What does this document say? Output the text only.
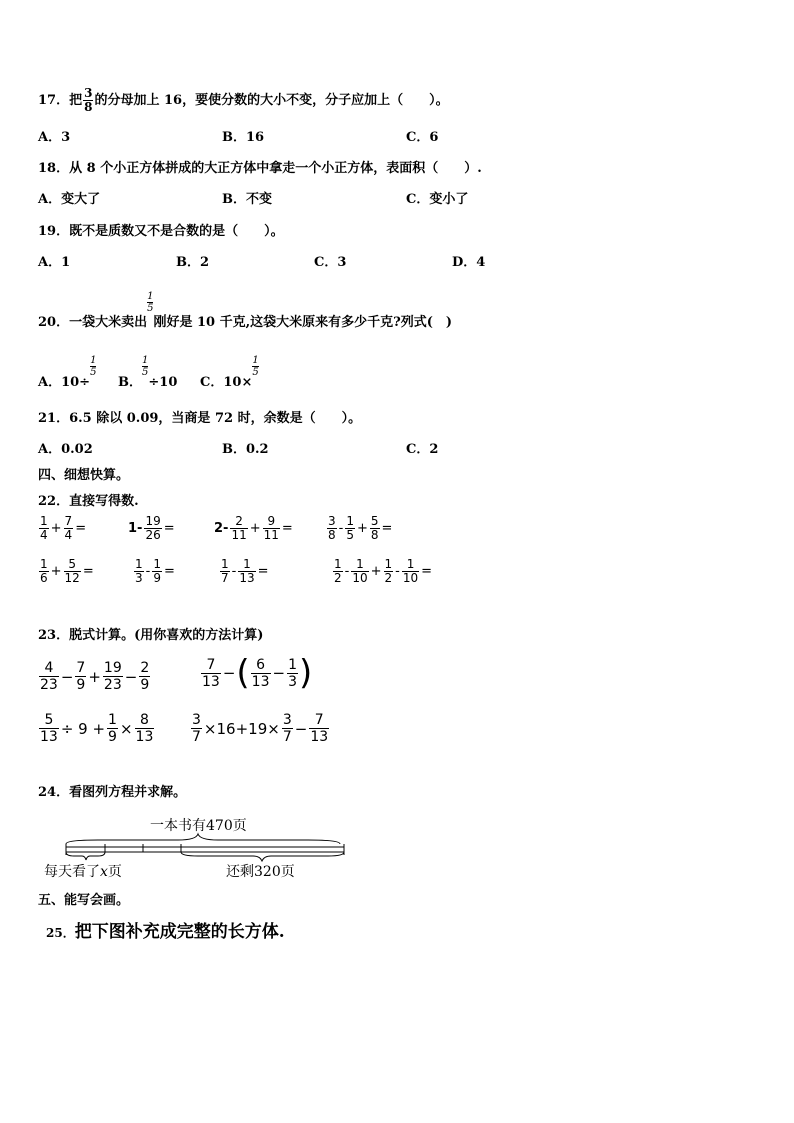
17．把 $\frac{3}{8}$ 的分母加上 16，要使分数的大小不变，分子应加上（　　）。
A．3	B．16	C．6
18．从 8 个小正方体拼成的大正方体中拿走一个小正方体，表面积（　　）.
A．变大了	B．不变	C．变小了
19．既不是质数又不是合数的是（　　）。
A．1	B．2	C．3	D．4
20．一袋大米卖出
$\frac{1}{5}$
刚好是 10 千克,这袋大米原来有多少千克?列式(　)
A．10÷
$\frac{1}{5}$
B．
$\frac{1}{5}$
÷10 C．10×
$\frac{1}{5}$
21．6.5 除以 0.09，当商是 72 时，余数是（　　）。
A．0.02	B．0.2	C．2
四、细想快算。
22．直接写得数.
$\frac{1}{4} + \frac{7}{4}$ =	$1- \frac{19}{26}$ =	$2- \frac{2}{11} + \frac{9}{11}$ =	$\frac{3}{8} - \frac{1}{5} + \frac{5}{8}$ =
$\frac{1}{6} + \frac{5}{12}$ =	$\frac{1}{3} - \frac{1}{9}$ =	$\frac{1}{7} - \frac{1}{13}$ =	$\frac{1}{2} - \frac{1}{10} + \frac{1}{2} - \frac{1}{10}$ =
23．脱式计算。(用你喜欢的方法计算)
$\frac{4}{23} - \frac{7}{9} + \frac{19}{23} - \frac{2}{9}$	$\frac{7}{13}$ −( $\frac{6}{13} - \frac{1}{3}$ )
$\frac{5}{13} \div 9 + \frac{1}{9} \times \frac{8}{13}$	$\frac{3}{7} \times 16+19\times \frac{3}{7} - \frac{7}{13}$
24．看图列方程并求解。
一本书有470页
每天看了x页	还剩320页
五、能写会画。
25．把下图补充成完整的长方体.
